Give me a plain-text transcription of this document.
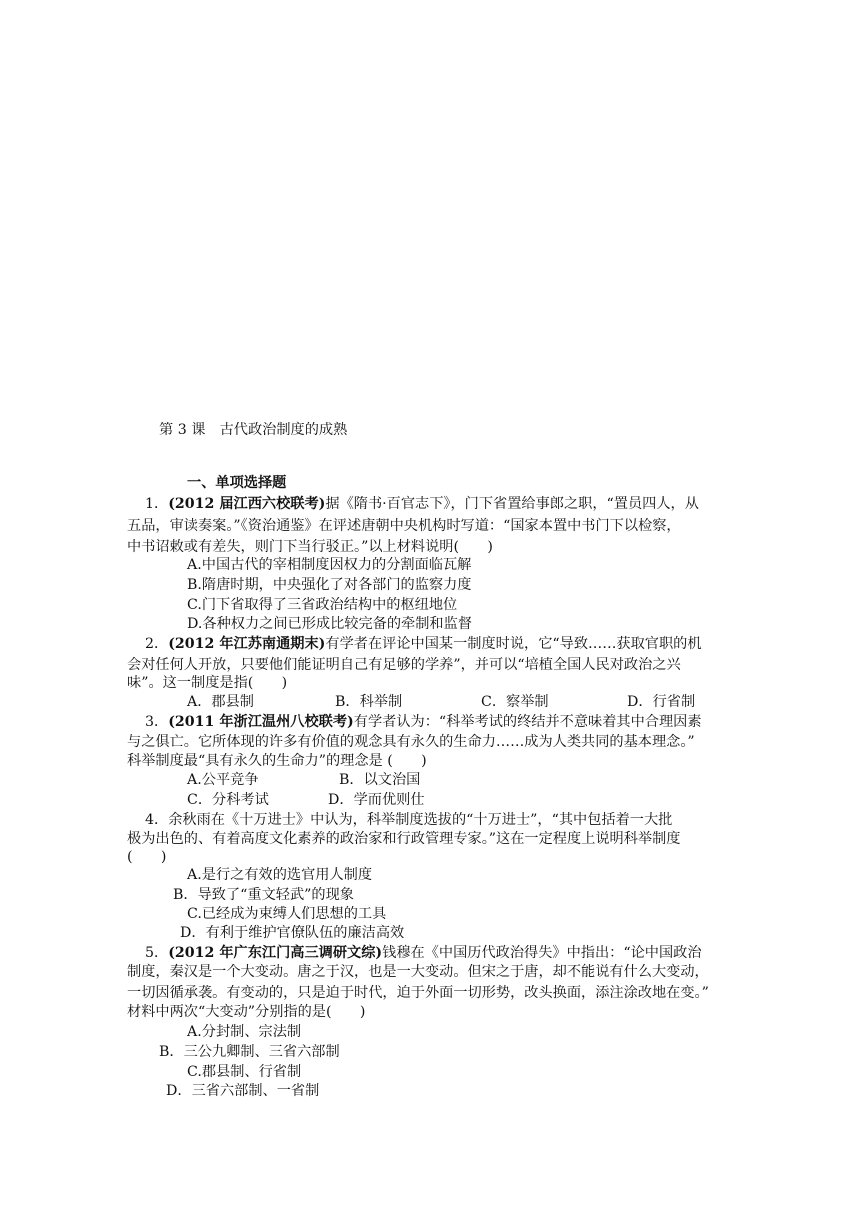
第 3 课　古代政治制度的成熟
一、单项选择题
1．(2012 届江西六校联考)据《隋书·百官志下》，门下省置给事郎之职，“置员四人，从
五品，审读奏案。”《资治通鉴》在评述唐朝中央机构时写道：“国家本置中书门下以检察，
中书诏敕或有差失，则门下当行驳正。”以上材料说明(　　)
A.中国古代的宰相制度因权力的分割面临瓦解
B.隋唐时期，中央强化了对各部门的监察力度
C.门下省取得了三省政治结构中的枢纽地位
D.各种权力之间已形成比较完备的牵制和监督
2．(2012 年江苏南通期末)有学者在评论中国某一制度时说，它“导致……获取官职的机
会对任何人开放，只要他们能证明自己有足够的学养”，并可以“培植全国人民对政治之兴
味”。这一制度是指(　　)
A．郡县制	B．科举制	C．察举制	D．行省制
3．(2011 年浙江温州八校联考)有学者认为：“科举考试的终结并不意味着其中合理因素
与之俱亡。它所体现的许多有价值的观念具有永久的生命力……成为人类共同的基本理念。”
科举制度最“具有永久的生命力”的理念是 (　　)
A.公平竞争	B．以文治国
C．分科考试	D．学而优则仕
4．余秋雨在《十万进士》中认为，科举制度选拔的“十万进士”，“其中包括着一大批
极为出色的、有着高度文化素养的政治家和行政管理专家。”这在一定程度上说明科举制度
(　　)
A.是行之有效的选官用人制度
B．导致了“重文轻武”的现象
C.已经成为束缚人们思想的工具
D．有利于维护官僚队伍的廉洁高效
5．(2012 年广东江门高三调研文综)钱穆在《中国历代政治得失》中指出：“论中国政治
制度，秦汉是一个大变动。唐之于汉，也是一大变动。但宋之于唐，却不能说有什么大变动，
一切因循承袭。有变动的，只是迫于时代，迫于外面一切形势，改头换面，添注涂改地在变。”
材料中两次“大变动”分别指的是(　　)
A.分封制、宗法制
B．三公九卿制、三省六部制
C.郡县制、行省制
D．三省六部制、一省制
